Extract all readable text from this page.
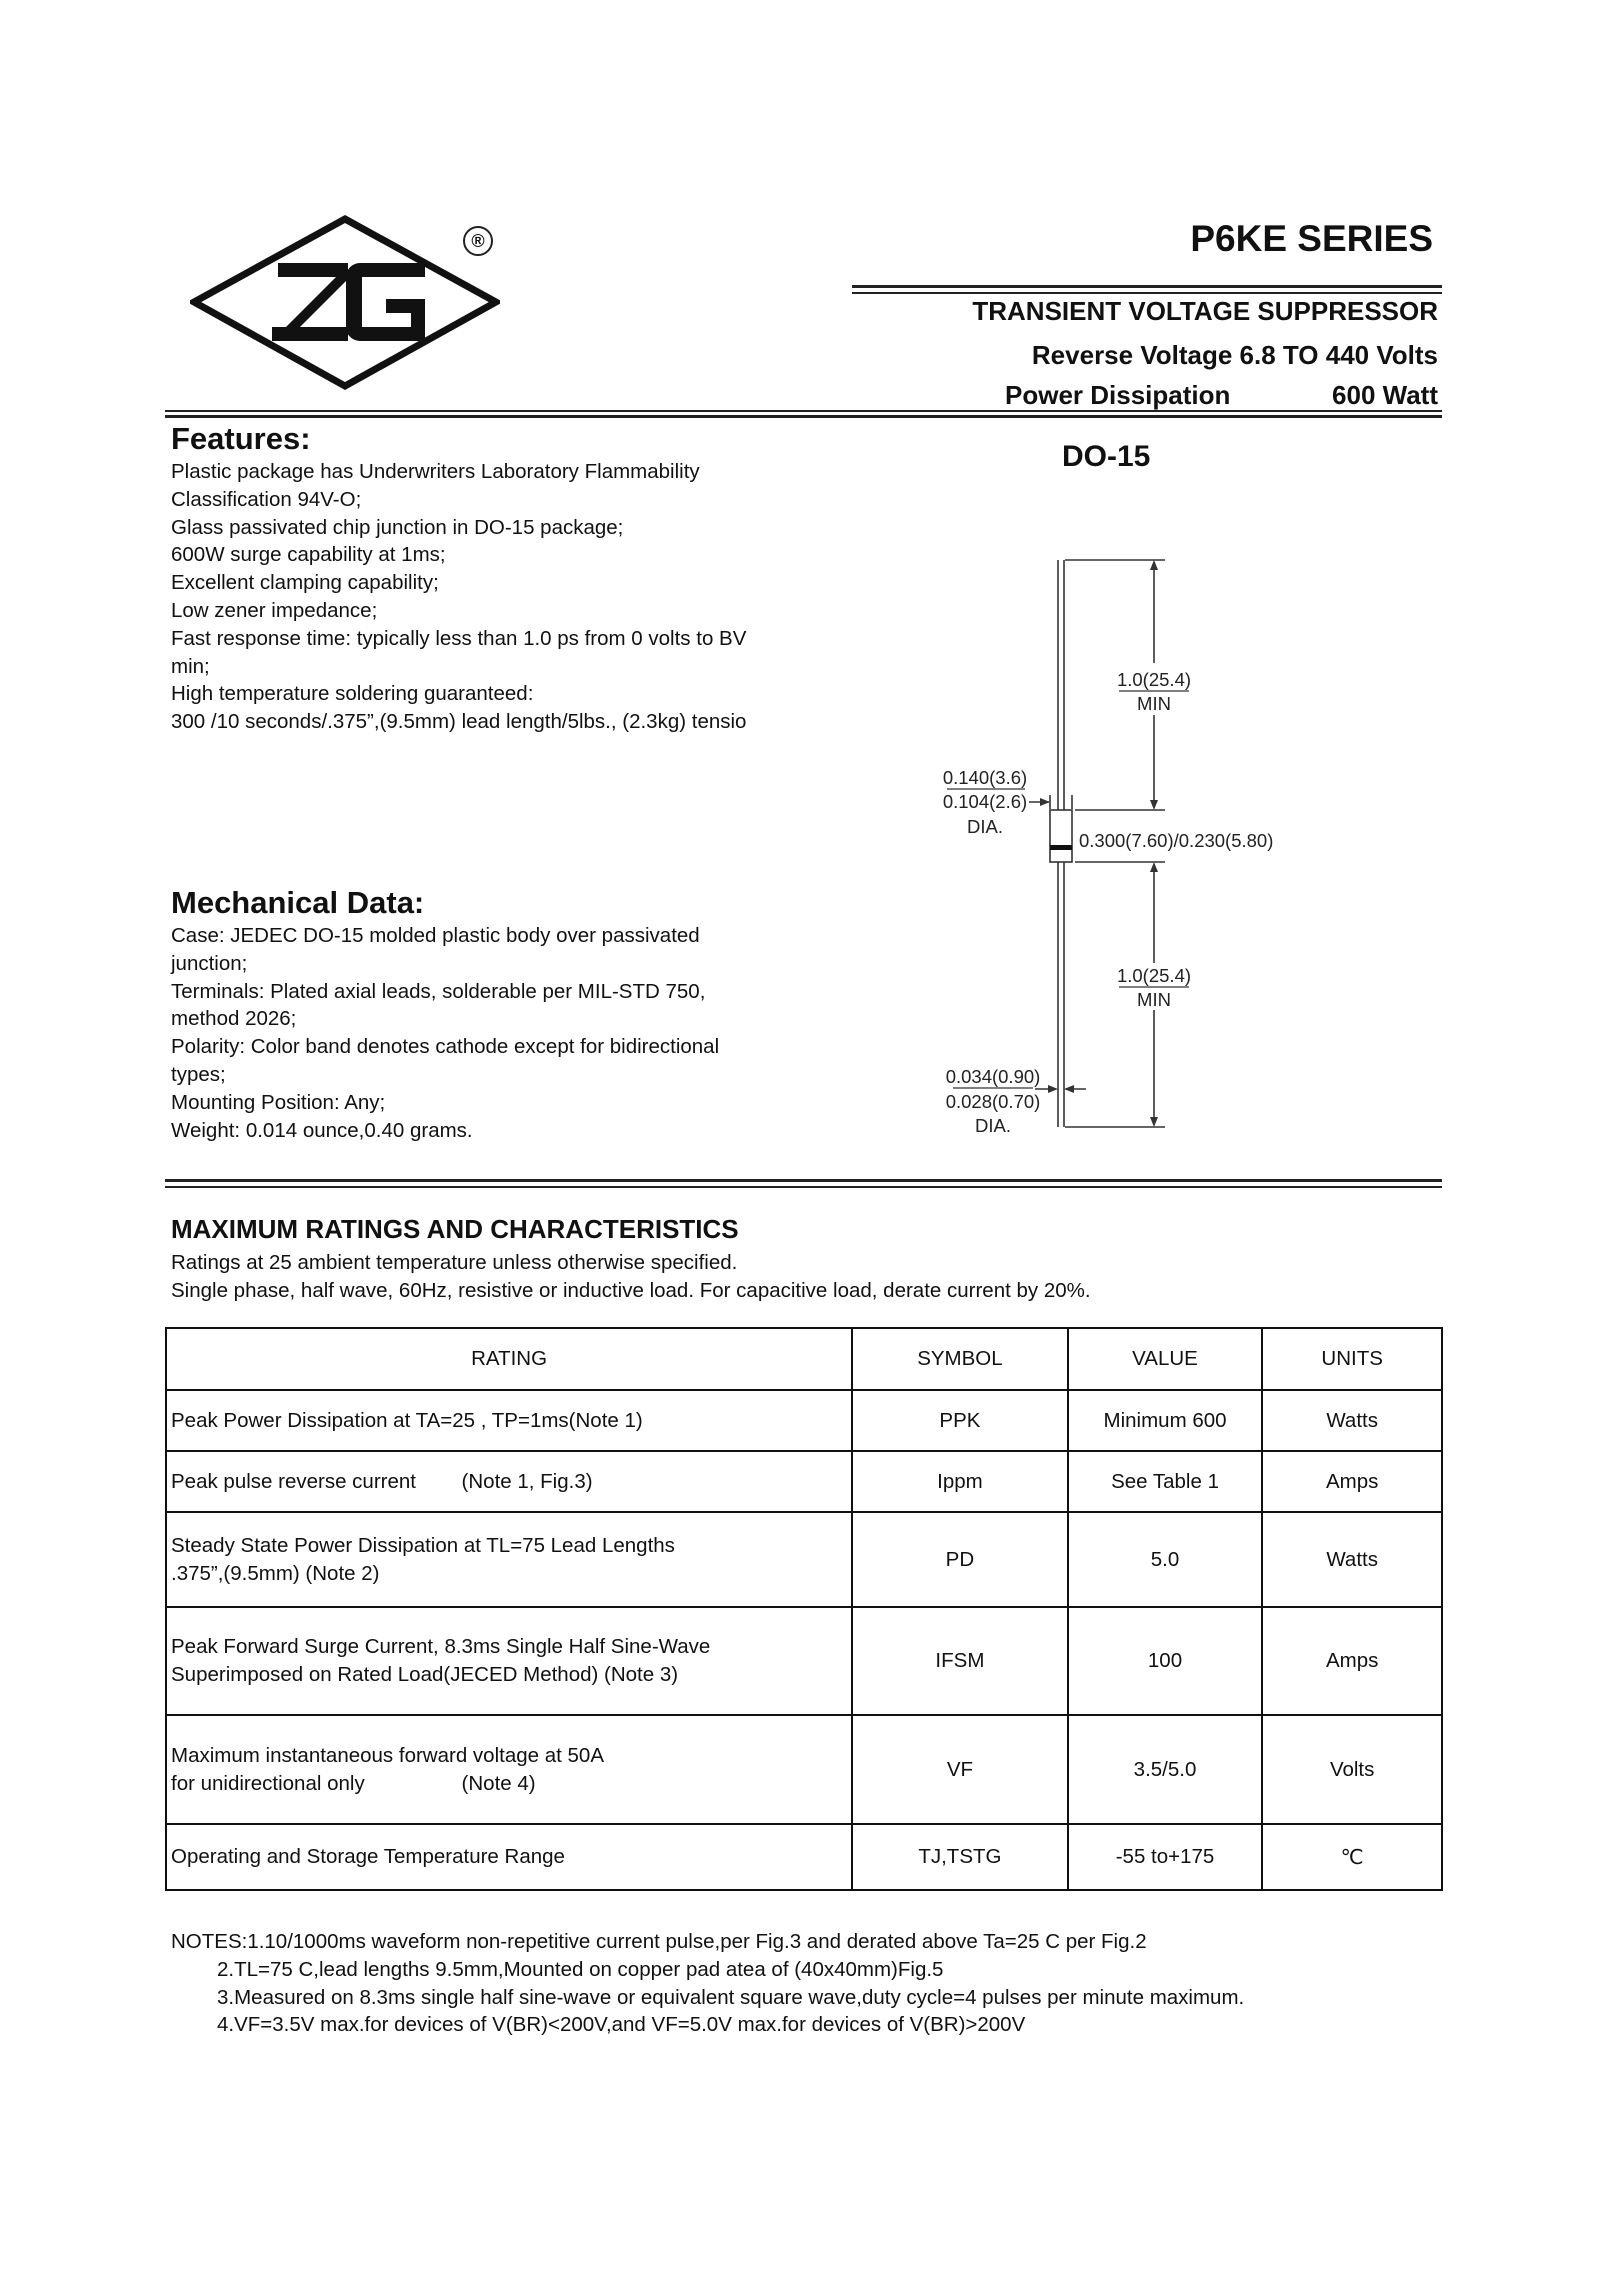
®	P6KE SERIES
TRANSIENT VOLTAGE SUPPRESSOR
Reverse Voltage 6.8 TO 440 Volts
Power Dissipation	600 Watt
Features:
Plastic package has Underwriters Laboratory Flammability
Classification 94V-O;
Glass passivated chip junction in DO-15 package;
600W surge capability at 1ms;
Excellent clamping capability;
Low zener impedance;
Fast response time: typically less than 1.0 ps from 0 volts to BV
min;
High temperature soldering guaranteed:
300 /10 seconds/.375”,(9.5mm) lead length/5lbs., (2.3kg) tensio
DO-15
1.0(25.4)
MIN
0.140(3.6)
0.104(2.6)
DIA.
0.300(7.60)/0.230(5.80)
1.0(25.4)
MIN
0.034(0.90)
0.028(0.70)
DIA.
Mechanical Data:
Case: JEDEC DO-15 molded plastic body over passivated
junction;
Terminals: Plated axial leads, solderable per MIL-STD 750,
method 2026;
Polarity: Color band denotes cathode except for bidirectional
types;
Mounting Position: Any;
Weight: 0.014 ounce,0.40 grams.
MAXIMUM RATINGS AND CHARACTERISTICS
Ratings at 25 ambient temperature unless otherwise specified.
Single phase, half wave, 60Hz, resistive or inductive load. For capacitive load, derate current by 20%.
RATING	SYMBOL	VALUE	UNITS

Peak Power Dissipation at TA=25 , TP=1ms(Note 1)	PPK	Minimum 600	Watts

Peak pulse reverse current        (Note 1, Fig.3)	Ippm	See Table 1	Amps

Steady State Power Dissipation at TL=75 Lead Lengths
.375”,(9.5mm) (Note 2)	PD	5.0	Watts

Peak Forward Surge Current, 8.3ms Single Half Sine-Wave
Superimposed on Rated Load(JECED Method) (Note 3)	IFSM	100	Amps

Maximum instantaneous forward voltage at 50A
for unidirectional only                 (Note 4)	VF	3.5/5.0	Volts

Operating and Storage Temperature Range	TJ,TSTG	-55 to+175	℃
NOTES:1.10/1000ms waveform non-repetitive current pulse,per Fig.3 and derated above Ta=25 C per Fig.2
2.TL=75 C,lead lengths 9.5mm,Mounted on copper pad atea of (40x40mm)Fig.5
3.Measured on 8.3ms single half sine-wave or equivalent square wave,duty cycle=4 pulses per minute maximum.
4.VF=3.5V max.for devices of V(BR)<200V,and VF=5.0V max.for devices of V(BR)>200V
